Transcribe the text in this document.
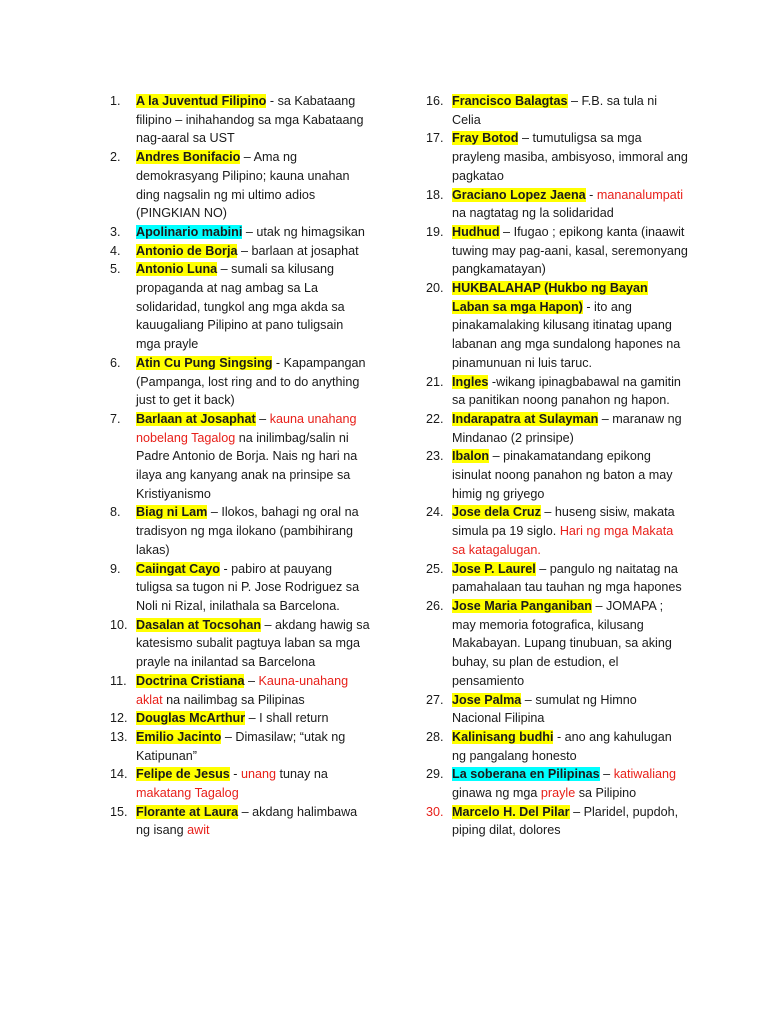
1. A la Juventud Filipino - sa Kabataang filipino – inihahandog sa mga Kabataang nag-aaral sa UST
2. Andres Bonifacio – Ama ng demokrasyang Pilipino; kauna unahan ding nagsalin ng mi ultimo adios (PINGKIAN NO)
3. Apolinario mabini – utak ng himagsikan
4. Antonio de Borja – barlaan at josaphat
5. Antonio Luna – sumali sa kilusang propaganda at nag ambag sa La solidaridad, tungkol ang mga akda sa kauugaliang Pilipino at pano tuligsain mga prayle
6. Atin Cu Pung Singsing - Kapampangan (Pampanga, lost ring and to do anything just to get it back)
7. Barlaan at Josaphat – kauna unahang nobelang Tagalog na inilimbag/salin ni Padre Antonio de Borja. Nais ng hari na ilaya ang kanyang anak na prinsipe sa Kristiyanismo
8. Biag ni Lam – Ilokos, bahagi ng oral na tradisyon ng mga ilokano (pambihirang lakas)
9. Caiingat Cayo - pabiro at pauyang tuligsa sa tugon ni P. Jose Rodriguez sa Noli ni Rizal, inilathala sa Barcelona.
10. Dasalan at Tocsohan – akdang hawig sa katesismo subalit pagtuya laban sa mga prayle na inilantad sa Barcelona
11. Doctrina Cristiana – Kauna-unahang aklat na nailimbag sa Pilipinas
12. Douglas McArthur – I shall return
13. Emilio Jacinto – Dimasilaw; “utak ng Katipunan”
14. Felipe de Jesus - unang tunay na makatang Tagalog
15. Florante at Laura – akdang halimbawa ng isang awit
16. Francisco Balagtas – F.B. sa tula ni Celia
17. Fray Botod – tumutuligsa sa mga prayleng masiba, ambisyoso, immoral ang pagkatao
18. Graciano Lopez Jaena - mananalumpati na nagtatag ng la solidaridad
19. Hudhud – Ifugao ; epikong kanta (inaawit tuwing may pag-aani, kasal, seremonyang pangkamatayan)
20. HUKBALAHAP (Hukbo ng Bayan Laban sa mga Hapon) - ito ang pinakamalaking kilusang itinatag upang labanan ang mga sundalong hapones na pinamunuan ni luis taruc.
21. Ingles -wikang ipinagbabawal na gamitin sa panitikan noong panahon ng hapon.
22. Indarapatra at Sulayman – maranaw ng Mindanao (2 prinsipe)
23. Ibalon – pinakamatandang epikong isinulat noong panahon ng baton a may himig ng griyego
24. Jose dela Cruz – huseng sisiw, makata simula pa 19 siglo. Hari ng mga Makata sa katagalugan.
25. Jose P. Laurel – pangulo ng naitatag na pamahalaan tau tauhan ng mga hapones
26. Jose Maria Panganiban – JOMAPA ; may memoria fotografica, kilusang Makabayan. Lupang tinubuan, sa aking buhay, su plan de estudion, el pensamiento
27. Jose Palma – sumulat ng Himno Nacional Filipina
28. Kalinisang budhi - ano ang kahulugan ng pangalang honesto
29. La soberana en Pilipinas – katiwaliang ginawa ng mga prayle sa Pilipino
30. Marcelo H. Del Pilar – Plaridel, pupdoh, piping dilat, dolores
